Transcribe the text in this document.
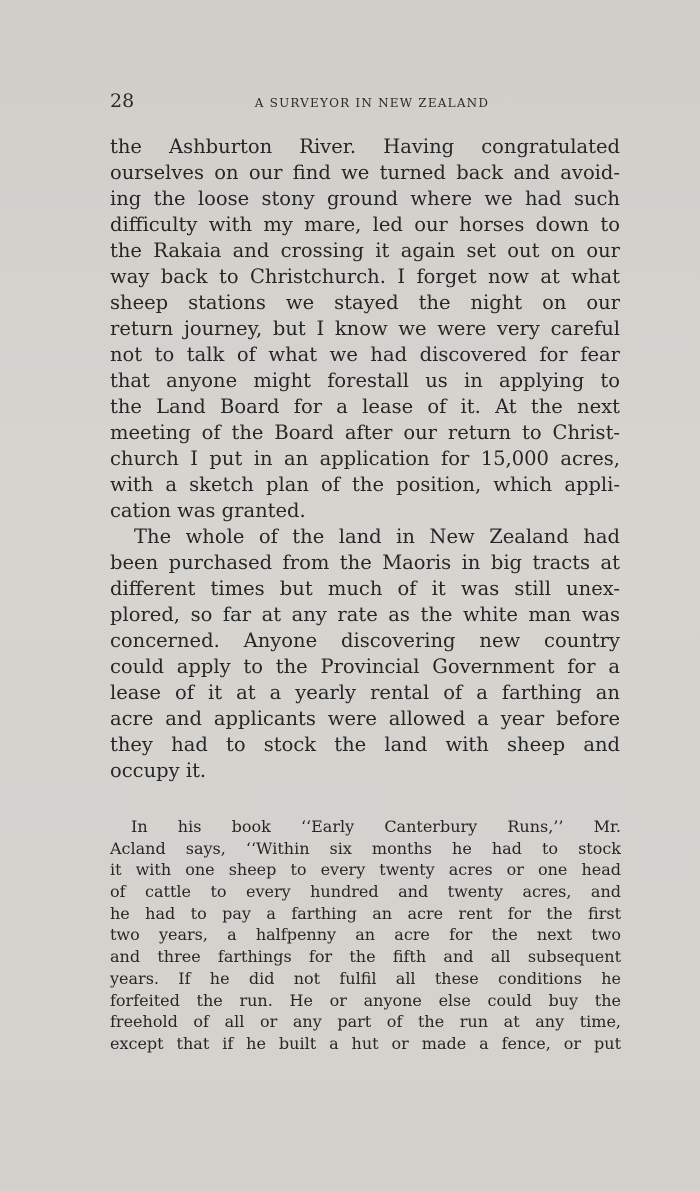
28	A SURVEYOR IN NEW ZEALAND
the Ashburton River. Having congratulated
ourselves on our find we turned back and avoid-
ing the loose stony ground where we had such
difficulty with my mare, led our horses down to
the Rakaia and crossing it again set out on our
way back to Christchurch. I forget now at what
sheep stations we stayed the night on our
return journey, but I know we were very careful
not to talk of what we had discovered for fear
that anyone might forestall us in applying to
the Land Board for a lease of it. At the next
meeting of the Board after our return to Christ-
church I put in an application for 15,000 acres,
with a sketch plan of the position, which appli-
cation was granted.
The whole of the land in New Zealand had
been purchased from the Maoris in big tracts at
different times but much of it was still unex-
plored, so far at any rate as the white man was
concerned. Anyone discovering new country
could apply to the Provincial Government for a
lease of it at a yearly rental of a farthing an
acre and applicants were allowed a year before
they had to stock the land with sheep and
occupy it.
In his book ‘‘Early Canterbury Runs,’’ Mr.
Acland says, ‘‘Within six months he had to stock
it with one sheep to every twenty acres or one head
of cattle to every hundred and twenty acres, and
he had to pay a farthing an acre rent for the first
two years, a halfpenny an acre for the next two
and three farthings for the fifth and all subsequent
years. If he did not fulfil all these conditions he
forfeited the run. He or anyone else could buy the
freehold of all or any part of the run at any time,
except that if he built a hut or made a fence, or put
